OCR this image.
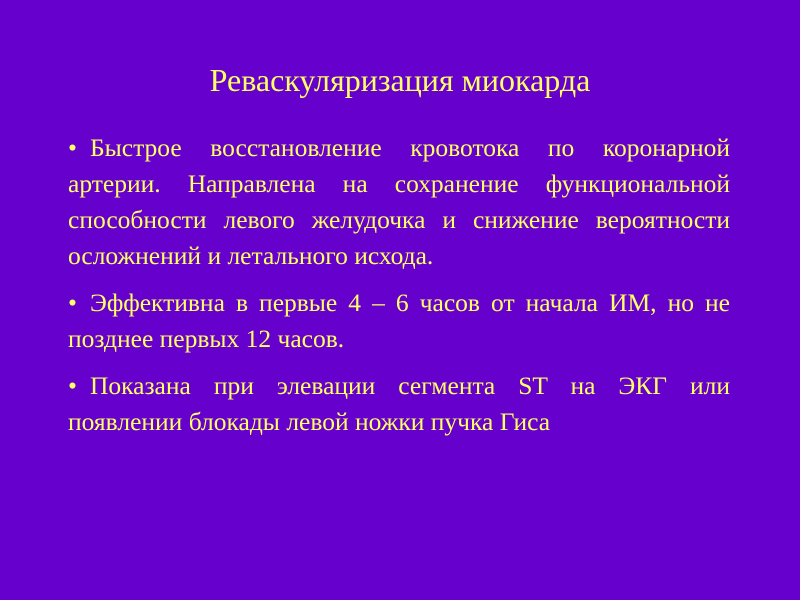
Реваскуляризация миокарда
• Быстрое восстановление кровотока по коронарной артерии. Направлена на сохранение функциональной способности левого желудочка и снижение вероятности осложнений и летального исхода.
• Эффективна в первые 4 – 6 часов от начала ИМ, но не позднее первых 12 часов.
• Показана при элевации сегмента ST на ЭКГ или появлении блокады левой ножки пучка Гиса
